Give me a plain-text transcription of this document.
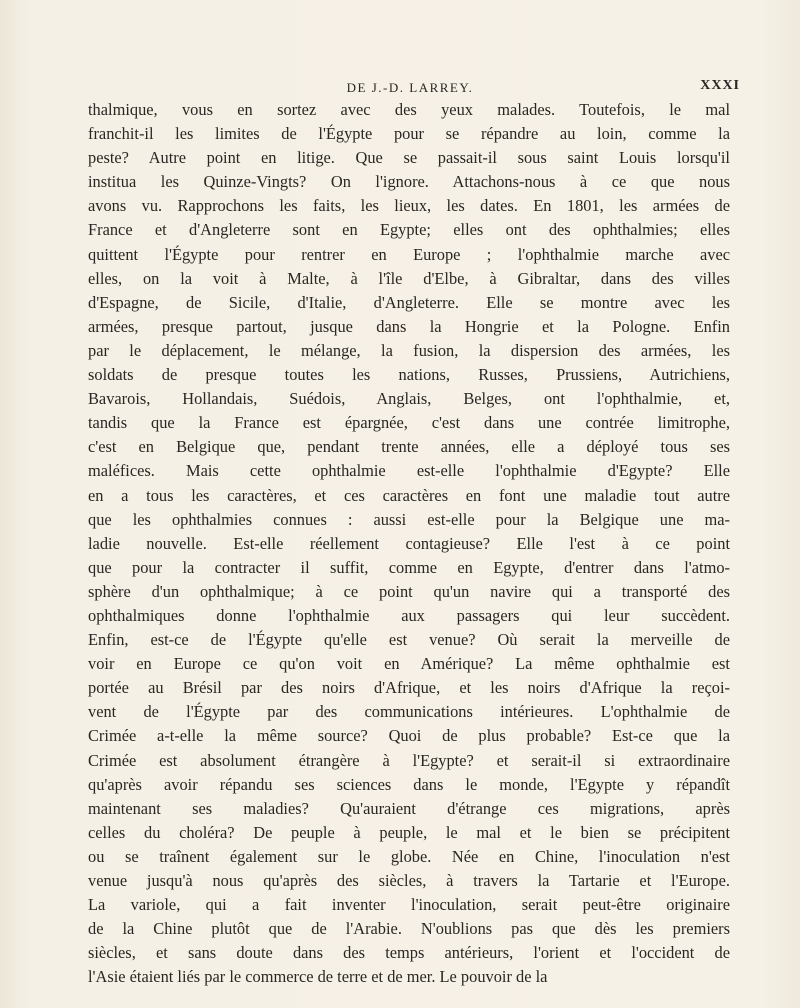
DE J.-D. LARREY.	XXXI
thalmique, vous en sortez avec des yeux malades. Toutefois, le mal
franchit-il les limites de l'Égypte pour se répandre au loin, comme la
peste? Autre point en litige. Que se passait-il sous saint Louis lorsqu'il
institua les Quinze-Vingts? On l'ignore. Attachons-nous à ce que nous
avons vu. Rapprochons les faits, les lieux, les dates. En 1801, les armées de
France et d'Angleterre sont en Egypte; elles ont des ophthalmies; elles
quittent l'Égypte pour rentrer en Europe ; l'ophthalmie marche avec
elles, on la voit à Malte, à l'île d'Elbe, à Gibraltar, dans des villes
d'Espagne, de Sicile, d'Italie, d'Angleterre. Elle se montre avec les
armées, presque partout, jusque dans la Hongrie et la Pologne. Enfin
par le déplacement, le mélange, la fusion, la dispersion des armées, les
soldats de presque toutes les nations, Russes, Prussiens, Autrichiens,
Bavarois, Hollandais, Suédois, Anglais, Belges, ont l'ophthalmie, et,
tandis que la France est épargnée, c'est dans une contrée limitrophe,
c'est en Belgique que, pendant trente années, elle a déployé tous ses
maléfices. Mais cette ophthalmie est-elle l'ophthalmie d'Egypte? Elle
en a tous les caractères, et ces caractères en font une maladie tout autre
que les ophthalmies connues : aussi est-elle pour la Belgique une ma-
ladie nouvelle. Est-elle réellement contagieuse? Elle l'est à ce point
que pour la contracter il suffit, comme en Egypte, d'entrer dans l'atmo-
sphère d'un ophthalmique; à ce point qu'un navire qui a transporté des
ophthalmiques donne l'ophthalmie aux passagers qui leur succèdent.
Enfin, est-ce de l'Égypte qu'elle est venue? Où serait la merveille de
voir en Europe ce qu'on voit en Amérique? La même ophthalmie est
portée au Brésil par des noirs d'Afrique, et les noirs d'Afrique la reçoi-
vent de l'Égypte par des communications intérieures. L'ophthalmie de
Crimée a-t-elle la même source? Quoi de plus probable? Est-ce que la
Crimée est absolument étrangère à l'Egypte? et serait-il si extraordinaire
qu'après avoir répandu ses sciences dans le monde, l'Egypte y répandît
maintenant ses maladies? Qu'auraient d'étrange ces migrations, après
celles du choléra? De peuple à peuple, le mal et le bien se précipitent
ou se traînent également sur le globe. Née en Chine, l'inoculation n'est
venue jusqu'à nous qu'après des siècles, à travers la Tartarie et l'Europe.
La variole, qui a fait inventer l'inoculation, serait peut-être originaire
de la Chine plutôt que de l'Arabie. N'oublions pas que dès les premiers
siècles, et sans doute dans des temps antérieurs, l'orient et l'occident de
l'Asie étaient liés par le commerce de terre et de mer. Le pouvoir de la
